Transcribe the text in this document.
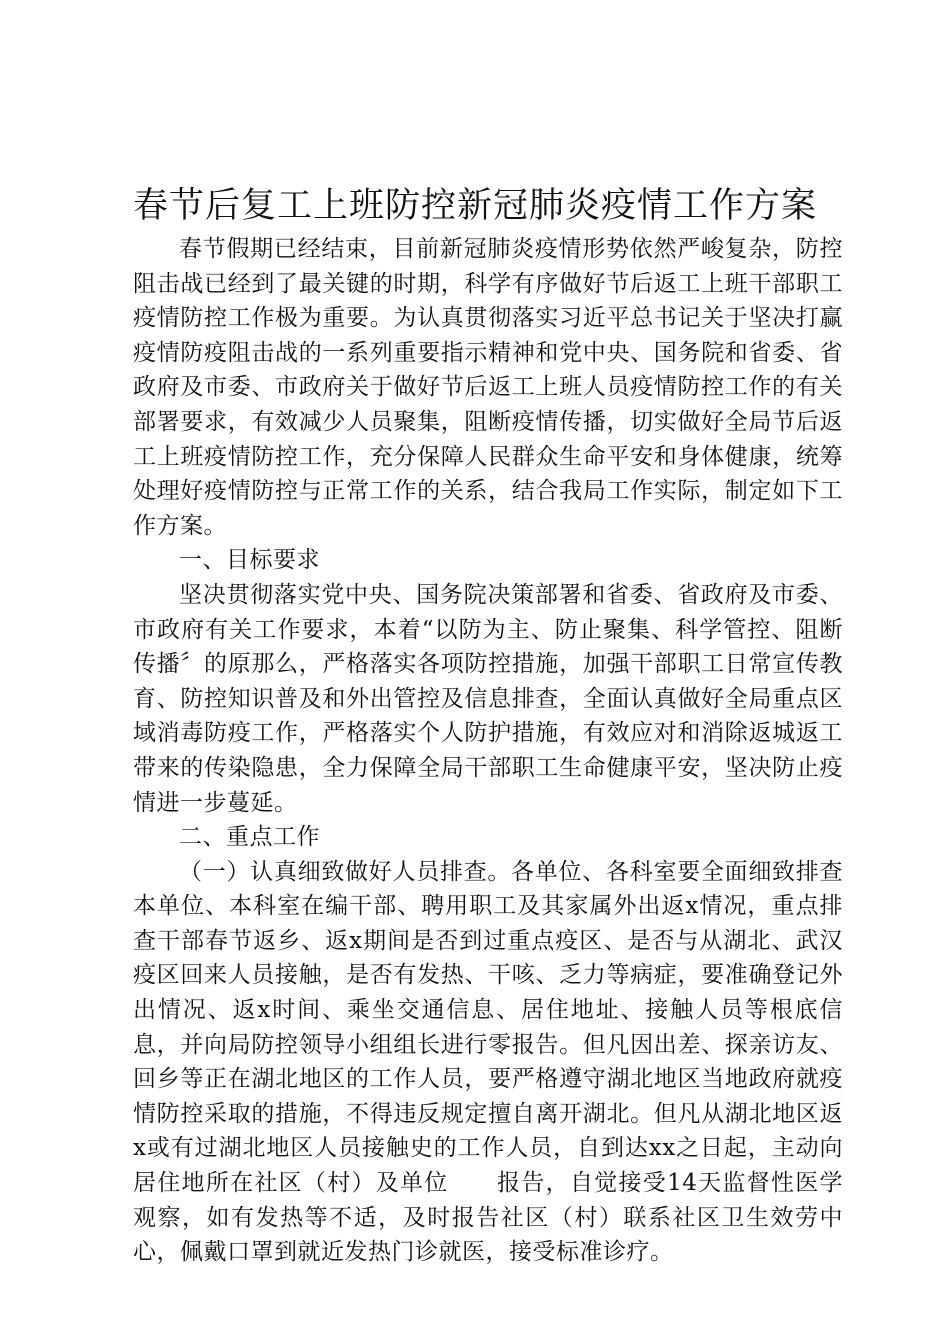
春节后复工上班防控新冠肺炎疫情工作方案

春节假期已经结束，目前新冠肺炎疫情形势依然严峻复杂，防控阻击战已经到了最关键的时期，科学有序做好节后返工上班干部职工疫情防控工作极为重要。为认真贯彻落实习近平总书记关于坚决打赢疫情防疫阻击战的一系列重要指示精神和党中央、国务院和省委、省政府及市委、市政府关于做好节后返工上班人员疫情防控工作的有关部署要求，有效减少人员聚集，阻断疫情传播，切实做好全局节后返工上班疫情防控工作，充分保障人民群众生命平安和身体健康，统筹处理好疫情防控与正常工作的关系，结合我局工作实际，制定如下工作方案。

一、目标要求

坚决贯彻落实党中央、国务院决策部署和省委、省政府及市委、市政府有关工作要求，本着“以防为主、防止聚集、科学管控、阻断传播〞的原那么，严格落实各项防控措施，加强干部职工日常宣传教育、防控知识普及和外出管控及信息排查，全面认真做好全局重点区域消毒防疫工作，严格落实个人防护措施，有效应对和消除返城返工带来的传染隐患，全力保障全局干部职工生命健康平安，坚决防止疫情进一步蔓延。

二、重点工作

（一）认真细致做好人员排查。各单位、各科室要全面细致排查本单位、本科室在编干部、聘用职工及其家属外出返x情况，重点排查干部春节返乡、返x期间是否到过重点疫区、是否与从湖北、武汉疫区回来人员接触，是否有发热、干咳、乏力等病症，要准确登记外出情况、返x时间、乘坐交通信息、居住地址、接触人员等根底信息，并向局防控领导小组组长进行零报告。但凡因出差、探亲访友、回乡等正在湖北地区的工作人员，要严格遵守湖北地区当地政府就疫情防控采取的措施，不得违反规定擅自离开湖北。但凡从湖北地区返x或有过湖北地区人员接触史的工作人员，自到达xx之日起，主动向居住地所在社区（村）及单位　　报告，自觉接受14天监督性医学观察，如有发热等不适，及时报告社区（村）联系社区卫生效劳中心，佩戴口罩到就近发热门诊就医，接受标准诊疗。
